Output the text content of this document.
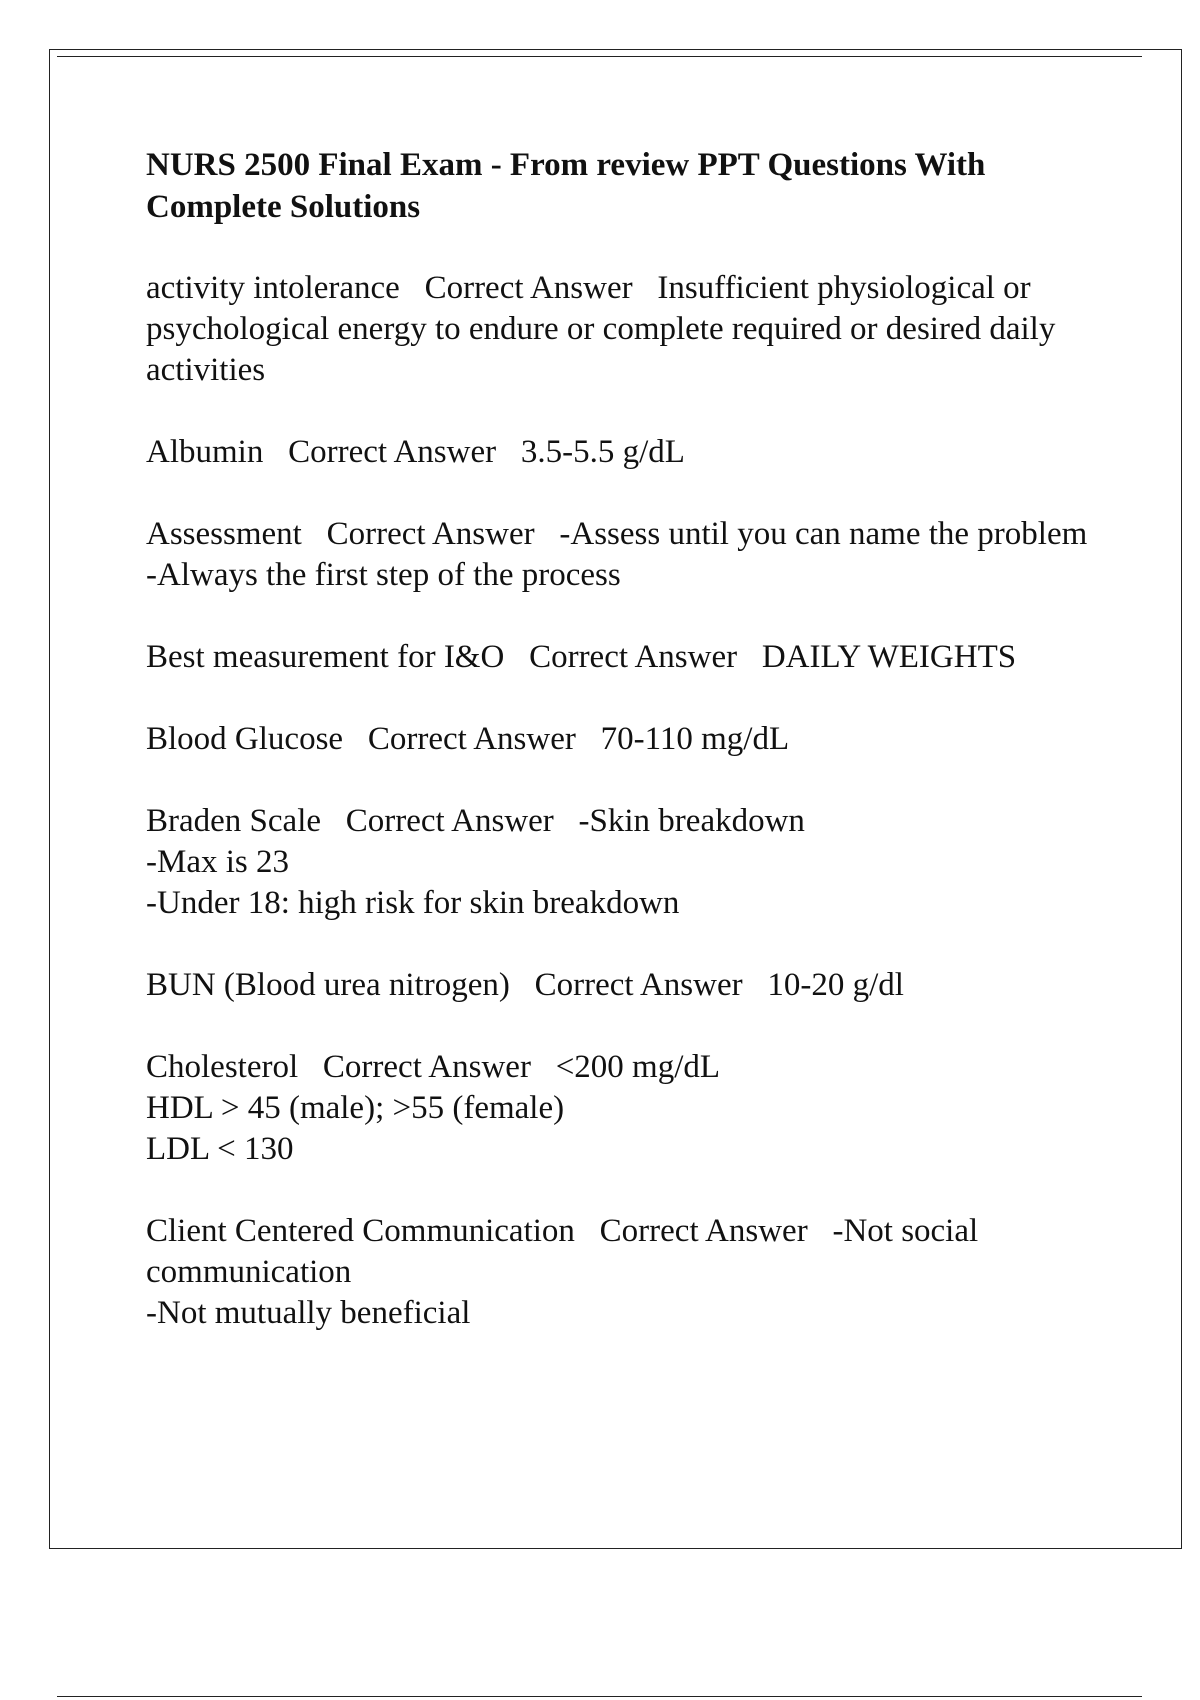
NURS 2500 Final Exam - From review PPT Questions With Complete Solutions
activity intolerance Correct Answer Insufficient physiological or psychological energy to endure or complete required or desired daily activities
Albumin Correct Answer 3.5-5.5 g/dL
Assessment Correct Answer -Assess until you can name the problem
-Always the first step of the process
Best measurement for I&O Correct Answer DAILY WEIGHTS
Blood Glucose Correct Answer 70-110 mg/dL
Braden Scale Correct Answer -Skin breakdown
-Max is 23
-Under 18: high risk for skin breakdown
BUN (Blood urea nitrogen) Correct Answer 10-20 g/dl
Cholesterol Correct Answer <200 mg/dL
HDL > 45 (male); >55 (female)
LDL < 130
Client Centered Communication Correct Answer -Not social communication
-Not mutually beneficial
